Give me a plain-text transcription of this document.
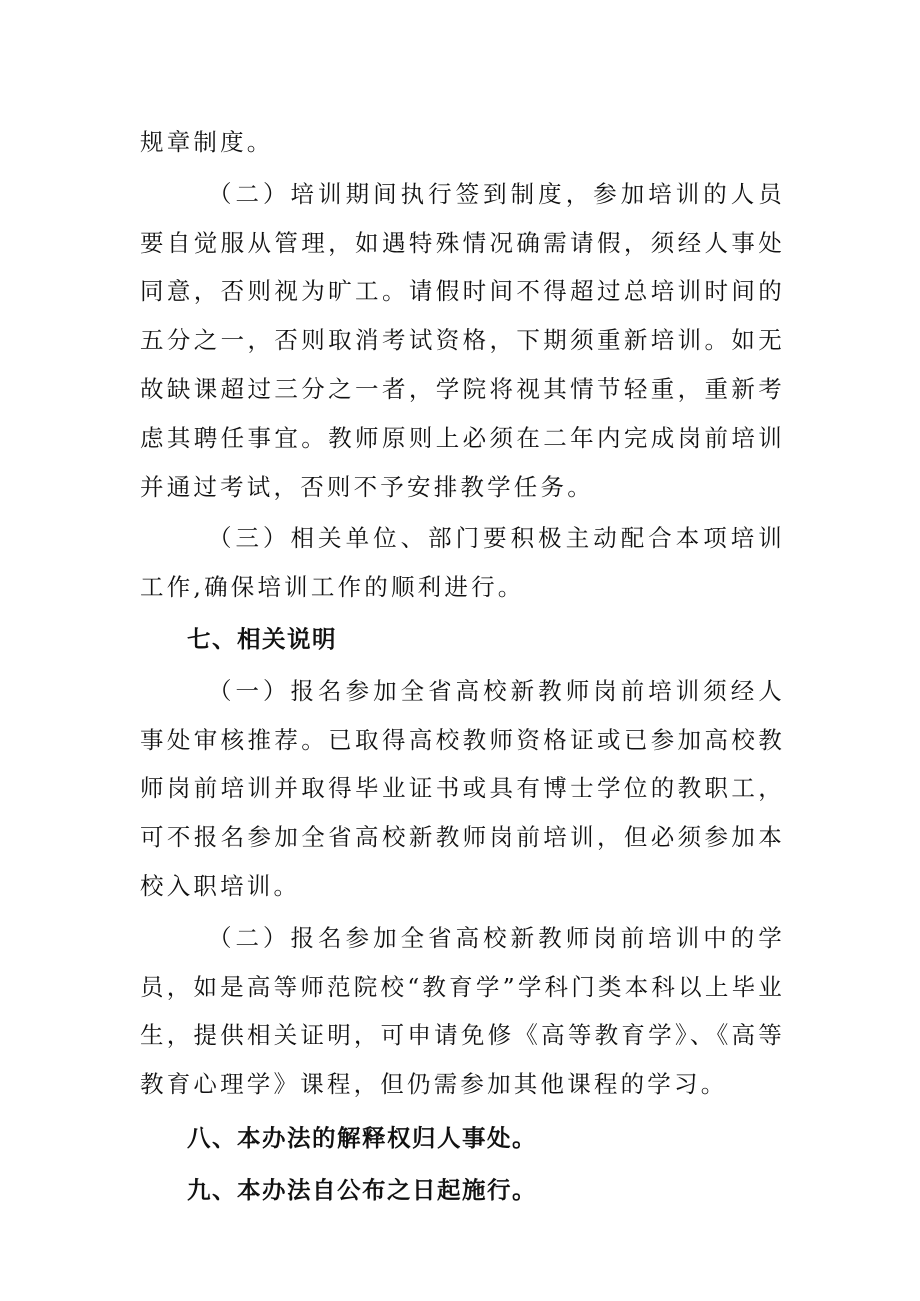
规章制度。

（二）培训期间执行签到制度，参加培训的人员要自觉服从管理，如遇特殊情况确需请假，须经人事处同意，否则视为旷工。请假时间不得超过总培训时间的五分之一，否则取消考试资格，下期须重新培训。如无故缺课超过三分之一者，学院将视其情节轻重，重新考虑其聘任事宜。教师原则上必须在二年内完成岗前培训并通过考试，否则不予安排教学任务。

（三）相关单位、部门要积极主动配合本项培训工作,确保培训工作的顺利进行。

七、相关说明

（一）报名参加全省高校新教师岗前培训须经人事处审核推荐。已取得高校教师资格证或已参加高校教师岗前培训并取得毕业证书或具有博士学位的教职工，可不报名参加全省高校新教师岗前培训，但必须参加本校入职培训。

（二）报名参加全省高校新教师岗前培训中的学员，如是高等师范院校“教育学”学科门类本科以上毕业生，提供相关证明，可申请免修《高等教育学》、《高等教育心理学》课程，但仍需参加其他课程的学习。

八、本办法的解释权归人事处。
九、本办法自公布之日起施行。
